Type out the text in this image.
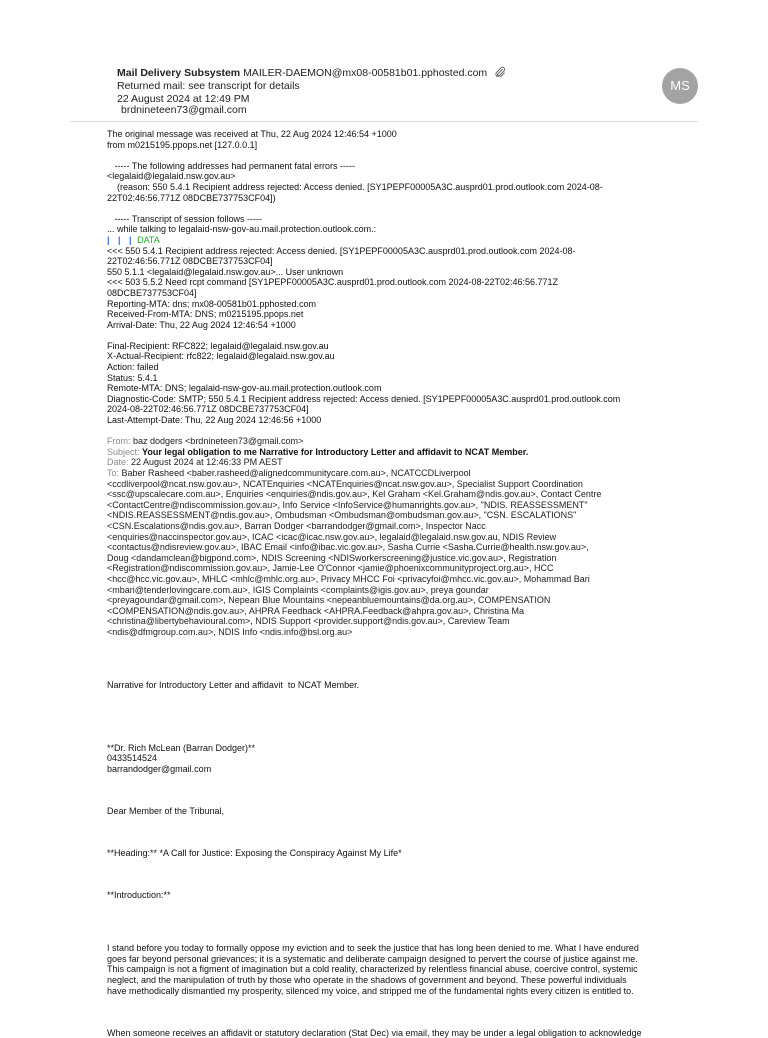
Mail Delivery Subsystem MAILER-DAEMON@mx08-00581b01.pphosted.com
Returned mail: see transcript for details
22 August 2024 at 12:49 PM
brdnineteen73@gmail.com
MS

The original message was received at Thu, 22 Aug 2024 12:46:54 +1000

from m0215195.ppops.net [127.0.0.1]

----- The following addresses had permanent fatal errors -----

<legalaid@legalaid.nsw.gov.au>

(reason: 550 5.4.1 Recipient address rejected: Access denied. [SY1PEPF00005A3C.ausprd01.prod.outlook.com 2024-08-

22T02:46:56.771Z 08DCBE737753CF04])

----- Transcript of session follows -----

... while talking to legalaid-nsw-gov-au.mail.protection.outlook.com.:

| | | DATA

<<< 550 5.4.1 Recipient address rejected: Access denied. [SY1PEPF00005A3C.ausprd01.prod.outlook.com 2024-08-

22T02:46:56.771Z 08DCBE737753CF04]

550 5.1.1 <legalaid@legalaid.nsw.gov.au>... User unknown

<<< 503 5.5.2 Need rcpt command [SY1PEPF00005A3C.ausprd01.prod.outlook.com 2024-08-22T02:46:56.771Z

08DCBE737753CF04]

Reporting-MTA: dns; mx08-00581b01.pphosted.com

Received-From-MTA: DNS; m0215195.ppops.net

Arrival-Date: Thu, 22 Aug 2024 12:46:54 +1000

Final-Recipient: RFC822; legalaid@legalaid.nsw.gov.au

X-Actual-Recipient: rfc822; legalaid@legalaid.nsw.gov.au

Action: failed

Status: 5.4.1

Remote-MTA: DNS; legalaid-nsw-gov-au.mail.protection.outlook.com

Diagnostic-Code: SMTP; 550 5.4.1 Recipient address rejected: Access denied. [SY1PEPF00005A3C.ausprd01.prod.outlook.com

2024-08-22T02:46:56.771Z 08DCBE737753CF04]

Last-Attempt-Date: Thu, 22 Aug 2024 12:46:56 +1000

From: baz dodgers <brdnineteen73@gmail.com>

Subject: Your legal obligation to me Narrative for Introductory Letter and affidavit to NCAT Member.

Date: 22 August 2024 at 12:46:33 PM AEST

To: Baber Rasheed <baber.rasheed@alignedcommunitycare.com.au>, NCATCCDLiverpool

<ccdliverpool@ncat.nsw.gov.au>, NCATEnquiries <NCATEnquiries@ncat.nsw.gov.au>, Specialist Support Coordination

<ssc@upscalecare.com.au>, Enquiries <enquiries@ndis.gov.au>, Kel Graham <Kel.Graham@ndis.gov.au>, Contact Centre

<ContactCentre@ndiscommission.gov.au>, Info Service <InfoService@humanrights.gov.au>, "NDIS. REASSESSMENT"

<NDIS.REASSESSMENT@ndis.gov.au>, Ombudsman <Ombudsman@ombudsman.gov.au>, "CSN. ESCALATIONS"

<CSN.Escalations@ndis.gov.au>, Barran Dodger <barrandodger@gmail.com>, Inspector Nacc

<enquiries@naccinspector.gov.au>, ICAC <icac@icac.nsw.gov.au>, legalaid@legalaid.nsw.gov.au, NDIS Review

<contactus@ndisreview.gov.au>, IBAC Email <info@ibac.vic.gov.au>, Sasha Currie <Sasha.Currie@health.nsw.gov.au>,

Doug <dandamclean@bigpond.com>, NDIS Screening <NDISworkerscreening@justice.vic.gov.au>, Registration

<Registration@ndiscommission.gov.au>, Jamie-Lee O'Connor <jamie@phoenixcommunityproject.org.au>, HCC

<hcc@hcc.vic.gov.au>, MHLC <mhlc@mhlc.org.au>, Privacy MHCC Foi <privacyfoi@mhcc.vic.gov.au>, Mohammad Bari

<mbari@tenderlovingcare.com.au>, IGIS Complaints <complaints@igis.gov.au>, preya goundar

<preyagoundar@gmail.com>, Nepean Blue Mountains <nepeanbluemountains@da.org.au>, COMPENSATION

<COMPENSATION@ndis.gov.au>, AHPRA Feedback <AHPRA.Feedback@ahpra.gov.au>, Christina Ma

<christina@libertybehavioural.com>, NDIS Support <provider.support@ndis.gov.au>, Careview Team

<ndis@dfmgroup.com.au>, NDIS Info <ndis.info@bsl.org.au>

Narrative for Introductory Letter and affidavit  to NCAT Member.

**Dr. Rich McLean (Barran Dodger)**

0433514524

barrandodger@gmail.com

Dear Member of the Tribunal,

**Heading:** *A Call for Justice: Exposing the Conspiracy Against My Life*

**Introduction:**

I stand before you today to formally oppose my eviction and to seek the justice that has long been denied to me. What I have endured

goes far beyond personal grievances; it is a systematic and deliberate campaign designed to pervert the course of justice against me.

This campaign is not a figment of imagination but a cold reality, characterized by relentless financial abuse, coercive control, systemic

neglect, and the manipulation of truth by those who operate in the shadows of government and beyond. These powerful individuals

have methodically dismantled my prosperity, silenced my voice, and stripped me of the fundamental rights every citizen is entitled to.

When someone receives an affidavit or statutory declaration (Stat Dec) via email, they may be under a legal obligation to acknowledge
